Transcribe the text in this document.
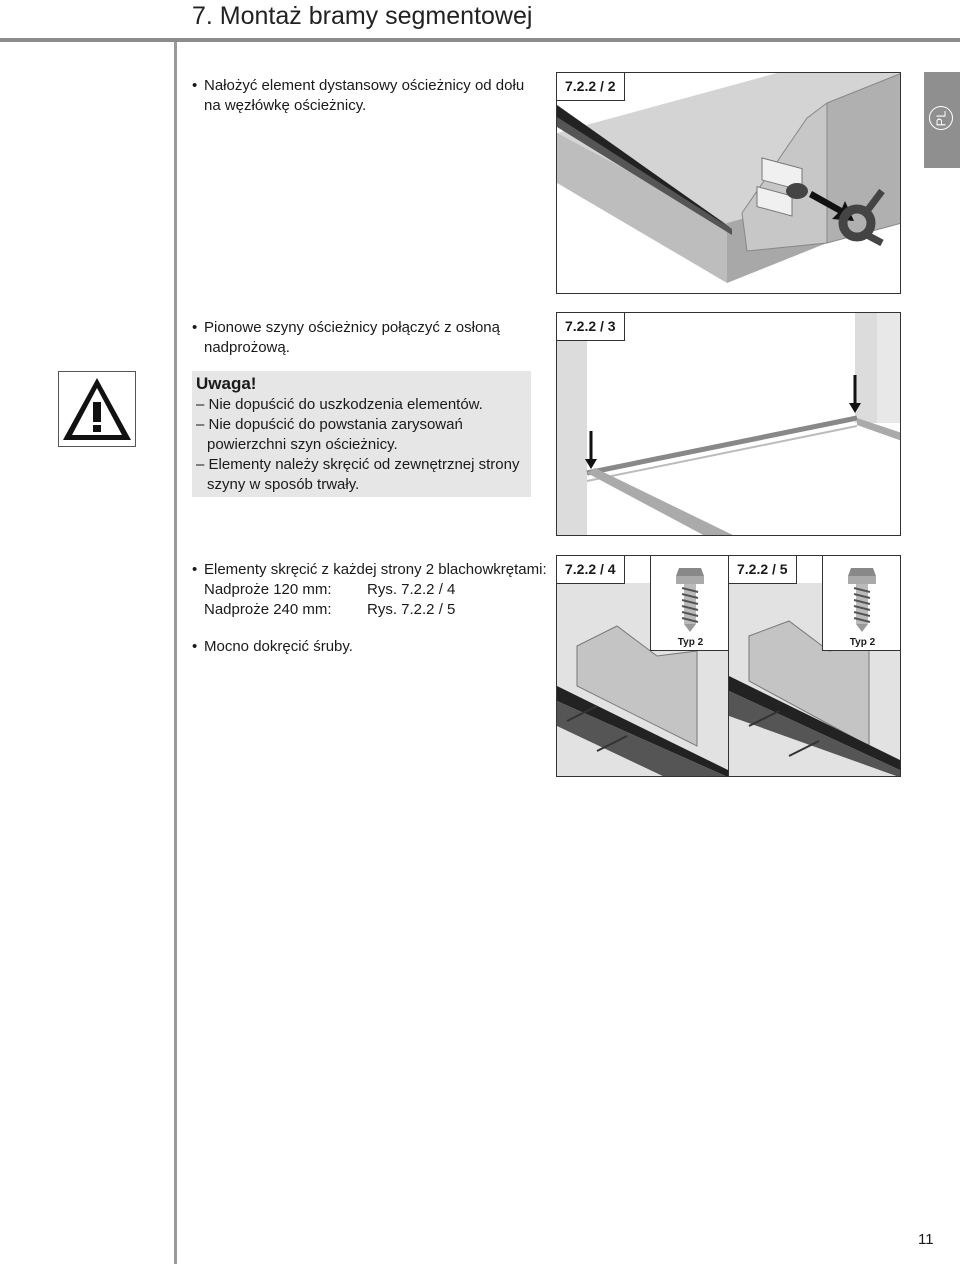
7. Montaż bramy segmentowej
PL
• Nałożyć element dystansowy ościeżnicy od dołu
na węzłówkę ościeżnicy.
7.2.2 / 2
• Pionowe szyny ościeżnicy połączyć z osłoną
nadprożową.
Uwaga!
– Nie dopuścić do uszkodzenia elementów.
– Nie dopuścić do powstania zarysowań
powierzchni szyn ościeżnicy.
– Elementy należy skręcić od zewnętrznej strony
szyny w sposób trwały.
7.2.2 / 3
• Elementy skręcić z każdej strony 2 blachowkrętami:
Nadproże 120 mm: Rys. 7.2.2 / 4
Nadproże 240 mm: Rys. 7.2.2 / 5
• Mocno dokręcić śruby.
7.2.2 / 4
Typ 2
7.2.2 / 5
Typ 2
11
